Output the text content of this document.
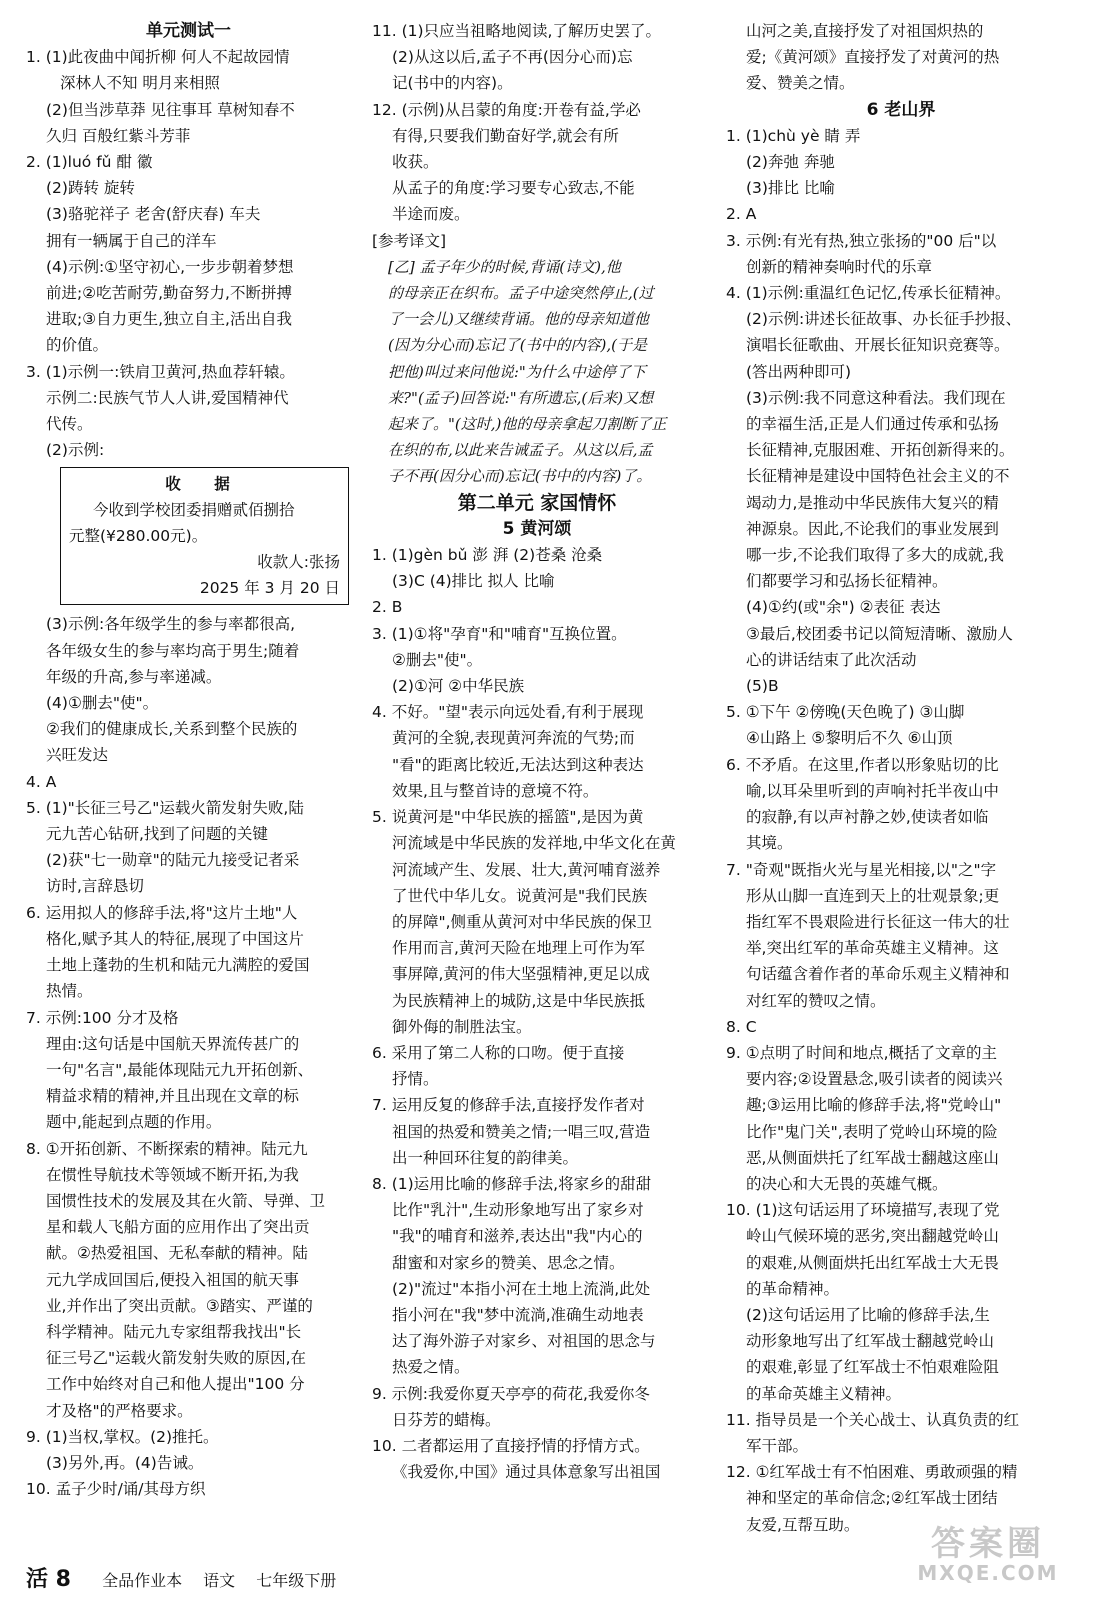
单元测试一
1. (1)此夜曲中闻折柳 何人不起故园情
深林人不知 明月来相照
(2)但当涉草莽 见往事耳 草树知春不
久归 百般红紫斗芳菲
2. (1)luó fǔ 酣 徽
(2)踌转 旋转
(3)骆驼祥子 老舍(舒庆春) 车夫
拥有一辆属于自己的洋车
(4)示例:①坚守初心,一步步朝着梦想
前进;②吃苦耐劳,勤奋努力,不断拼搏
进取;③自力更生,独立自主,活出自我
的价值。
3. (1)示例一:铁肩卫黄河,热血荐轩辕。
示例二:民族气节人人讲,爱国精神代
代传。
(2)示例:
收 据
今收到学校团委捐赠贰佰捌拾
元整(¥280.00元)。
收款人:张扬
2025 年 3 月 20 日
(3)示例:各年级学生的参与率都很高,
各年级女生的参与率均高于男生;随着
年级的升高,参与率递减。
(4)①删去"使"。
②我们的健康成长,关系到整个民族的
兴旺发达
4. A
5. (1)"长征三号乙"运载火箭发射失败,陆
元九苦心钻研,找到了问题的关键
(2)获"七一勋章"的陆元九接受记者采
访时,言辞恳切
6. 运用拟人的修辞手法,将"这片土地"人
格化,赋予其人的特征,展现了中国这片
土地上蓬勃的生机和陆元九满腔的爱国
热情。
7. 示例:100 分才及格
理由:这句话是中国航天界流传甚广的
一句"名言",最能体现陆元九开拓创新、
精益求精的精神,并且出现在文章的标
题中,能起到点题的作用。
8. ①开拓创新、不断探索的精神。陆元九
在惯性导航技术等领域不断开拓,为我
国惯性技术的发展及其在火箭、导弹、卫
星和载人飞船方面的应用作出了突出贡
献。②热爱祖国、无私奉献的精神。陆
元九学成回国后,便投入祖国的航天事
业,并作出了突出贡献。③踏实、严谨的
科学精神。陆元九专家组帮我找出"长
征三号乙"运载火箭发射失败的原因,在
工作中始终对自己和他人提出"100 分
才及格"的严格要求。
9. (1)当权,掌权。(2)推托。
(3)另外,再。(4)告诫。
10. 孟子少时/诵/其母方织
11. (1)只应当祖略地阅读,了解历史罢了。
(2)从这以后,孟子不再(因分心而)忘
记(书中的内容)。
12. (示例)从吕蒙的角度:开卷有益,学必
有得,只要我们勤奋好学,就会有所
收获。
从孟子的角度:学习要专心致志,不能
半途而废。
[参考译文]
[乙] 孟子年少的时候,背诵(诗文),他
的母亲正在织布。孟子中途突然停止,(过
了一会儿)又继续背诵。他的母亲知道他
(因为分心而)忘记了(书中的内容),(于是
把他)叫过来问他说:"为什么中途停了下
来?"(孟子)回答说:"有所遗忘,(后来)又想
起来了。"(这时,)他的母亲拿起刀割断了正
在织的布,以此来告诫孟子。从这以后,孟
子不再(因分心而)忘记(书中的内容)了。
第二单元 家国情怀
5 黄河颂
1. (1)gèn bǔ 澎 湃 (2)苍桑 沧桑
(3)C (4)排比 拟人 比喻
2. B
3. (1)①将"孕育"和"哺育"互换位置。
②删去"使"。
(2)①河 ②中华民族
4. 不好。"望"表示向远处看,有利于展现
黄河的全貌,表现黄河奔流的气势;而
"看"的距离比较近,无法达到这种表达
效果,且与整首诗的意境不符。
5. 说黄河是"中华民族的摇篮",是因为黄
河流域是中华民族的发祥地,中华文化在黄
河流域产生、发展、壮大,黄河哺育滋养
了世代中华儿女。说黄河是"我们民族
的屏障",侧重从黄河对中华民族的保卫
作用而言,黄河天险在地理上可作为军
事屏障,黄河的伟大坚强精神,更足以成
为民族精神上的城防,这是中华民族抵
御外侮的制胜法宝。
6. 采用了第二人称的口吻。便于直接
抒情。
7. 运用反复的修辞手法,直接抒发作者对
祖国的热爱和赞美之情;一唱三叹,营造
出一种回环往复的韵律美。
8. (1)运用比喻的修辞手法,将家乡的甜甜
比作"乳汁",生动形象地写出了家乡对
"我"的哺育和滋养,表达出"我"内心的
甜蜜和对家乡的赞美、思念之情。
(2)"流过"本指小河在土地上流淌,此处
指小河在"我"梦中流淌,准确生动地表
达了海外游子对家乡、对祖国的思念与
热爱之情。
9. 示例:我爱你夏天亭亭的荷花,我爱你冬
日芬芳的蜡梅。
10. 二者都运用了直接抒情的抒情方式。
《我爱你,中国》通过具体意象写出祖国
山河之美,直接抒发了对祖国炽热的
爱;《黄河颂》直接抒发了对黄河的热
爱、赞美之情。
6 老山界
1. (1)chù yè 睛 弄
(2)奔弛 奔驰
(3)排比 比喻
2. A
3. 示例:有光有热,独立张扬的"00 后"以
创新的精神奏响时代的乐章
4. (1)示例:重温红色记忆,传承长征精神。
(2)示例:讲述长征故事、办长征手抄报、
演唱长征歌曲、开展长征知识竞赛等。
(答出两种即可)
(3)示例:我不同意这种看法。我们现在
的幸福生活,正是人们通过传承和弘扬
长征精神,克服困难、开拓创新得来的。
长征精神是建设中国特色社会主义的不
竭动力,是推动中华民族伟大复兴的精
神源泉。因此,不论我们的事业发展到
哪一步,不论我们取得了多大的成就,我
们都要学习和弘扬长征精神。
(4)①约(或"余") ②表征 表达
③最后,校团委书记以简短清晰、激励人
心的讲话结束了此次活动
(5)B
5. ①下午 ②傍晚(天色晚了) ③山脚
④山路上 ⑤黎明后不久 ⑥山顶
6. 不矛盾。在这里,作者以形象贴切的比
喻,以耳朵里听到的声响衬托半夜山中
的寂静,有以声衬静之妙,使读者如临
其境。
7. "奇观"既指火光与星光相接,以"之"字
形从山脚一直连到天上的壮观景象;更
指红军不畏艰险进行长征这一伟大的壮
举,突出红军的革命英雄主义精神。这
句话蕴含着作者的革命乐观主义精神和
对红军的赞叹之情。
8. C
9. ①点明了时间和地点,概括了文章的主
要内容;②设置悬念,吸引读者的阅读兴
趣;③运用比喻的修辞手法,将"党岭山"
比作"鬼门关",表明了党岭山环境的险
恶,从侧面烘托了红军战士翻越这座山
的决心和大无畏的英雄气概。
10. (1)这句话运用了环境描写,表现了党
岭山气候环境的恶劣,突出翻越党岭山
的艰难,从侧面烘托出红军战士大无畏
的革命精神。
(2)这句话运用了比喻的修辞手法,生
动形象地写出了红军战士翻越党岭山
的艰难,彰显了红军战士不怕艰难险阻
的革命英雄主义精神。
11. 指导员是一个关心战士、认真负责的红
军干部。
12. ①红军战士有不怕困难、勇敢顽强的精
神和坚定的革命信念;②红军战士团结
友爱,互帮互助。
活 8 全品作业本 语文 七年级下册
答案圈
MXQE.COM
